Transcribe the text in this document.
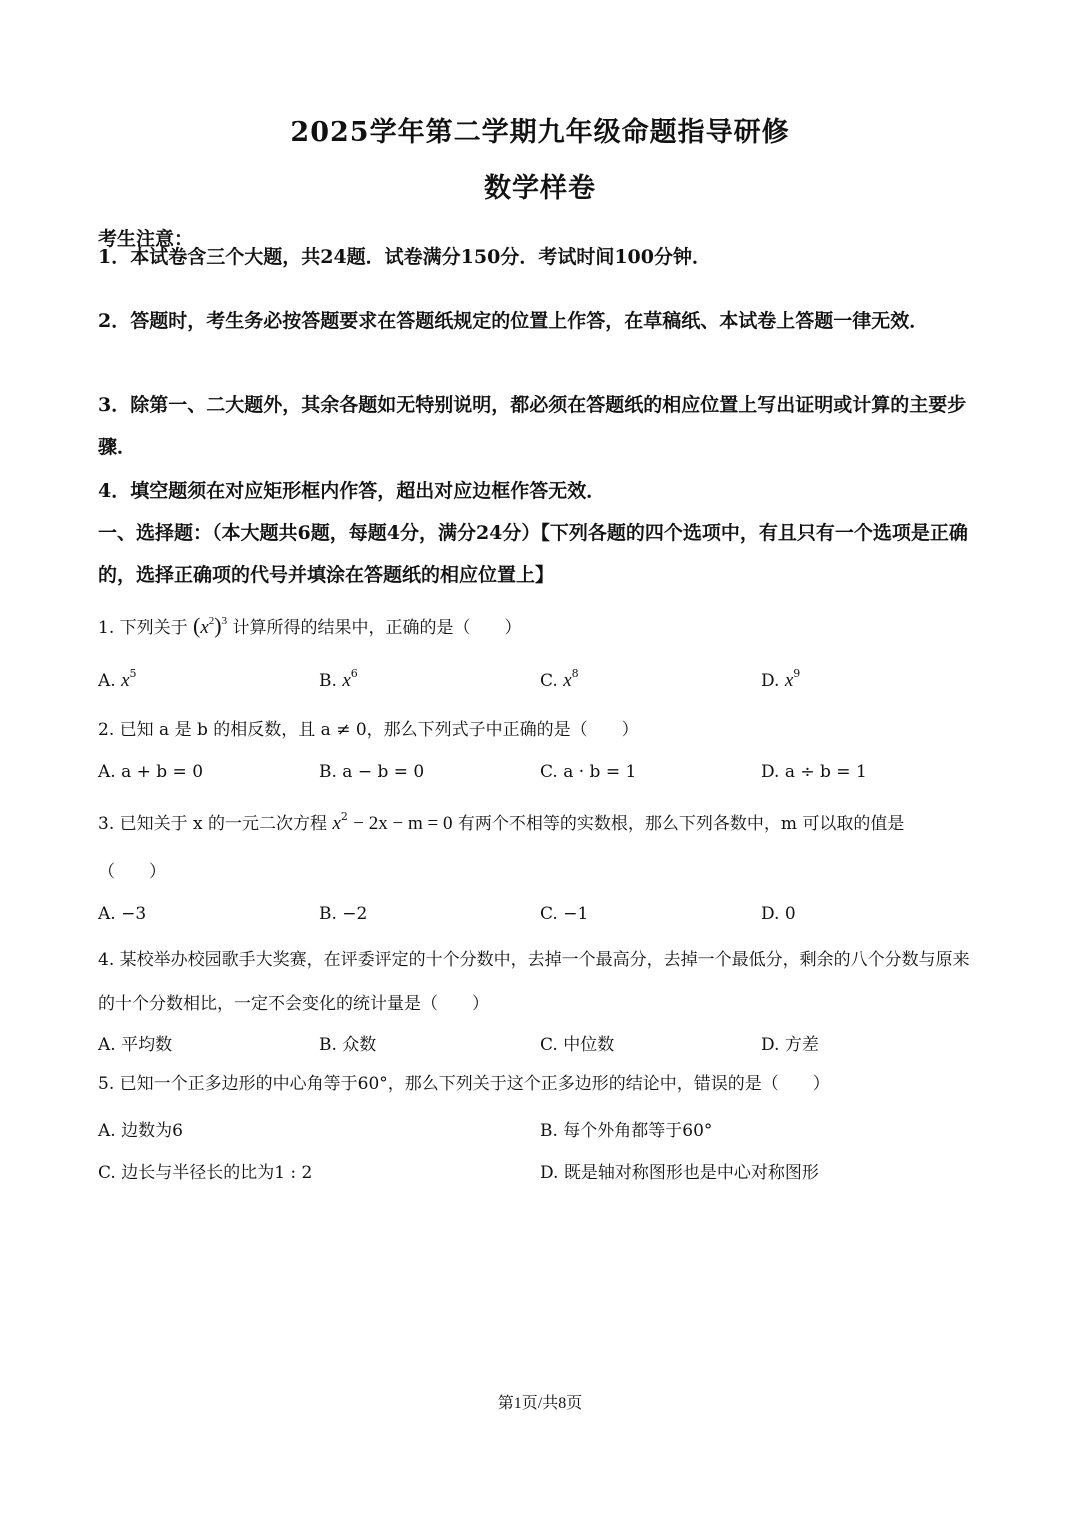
2025学年第二学期九年级命题指导研修
数学样卷
考生注意：
1．本试卷含三个大题，共24题．试卷满分150分．考试时间100分钟．
2．答题时，考生务必按答题要求在答题纸规定的位置上作答，在草稿纸、本试卷上答题一律无效．
3．除第一、二大题外，其余各题如无特别说明，都必须在答题纸的相应位置上写出证明或计算的主要步骤．
4．填空题须在对应矩形框内作答，超出对应边框作答无效．
一、选择题：（本大题共6题，每题4分，满分24分）【下列各题的四个选项中，有且只有一个选项是正确的，选择正确项的代号并填涂在答题纸的相应位置上】
1. 下列关于 $(x^2)^3$ 计算所得的结果中，正确的是（　　）
A. $x^5$	B. $x^6$	C. $x^8$	D. $x^9$
2. 已知 a 是 b 的相反数，且 a ≠ 0，那么下列式子中正确的是（　　）
A. a + b = 0	B. a − b = 0	C. a · b = 1	D. a ÷ b = 1
3. 已知关于 x 的一元二次方程 $x^2 - 2x - m = 0$ 有两个不相等的实数根，那么下列各数中，m 可以取的值是
（　　）
A. −3	B. −2	C. −1	D. 0
4. 某校举办校园歌手大奖赛，在评委评定的十个分数中，去掉一个最高分，去掉一个最低分，剩余的八个分数与原来的十个分数相比，一定不会变化的统计量是（　　）
A. 平均数	B. 众数	C. 中位数	D. 方差
5. 已知一个正多边形的中心角等于60°，那么下列关于这个正多边形的结论中，错误的是（　　）
A. 边数为6	B. 每个外角都等于60°
C. 边长与半径长的比为1 : 2	D. 既是轴对称图形也是中心对称图形
第1页/共8页
